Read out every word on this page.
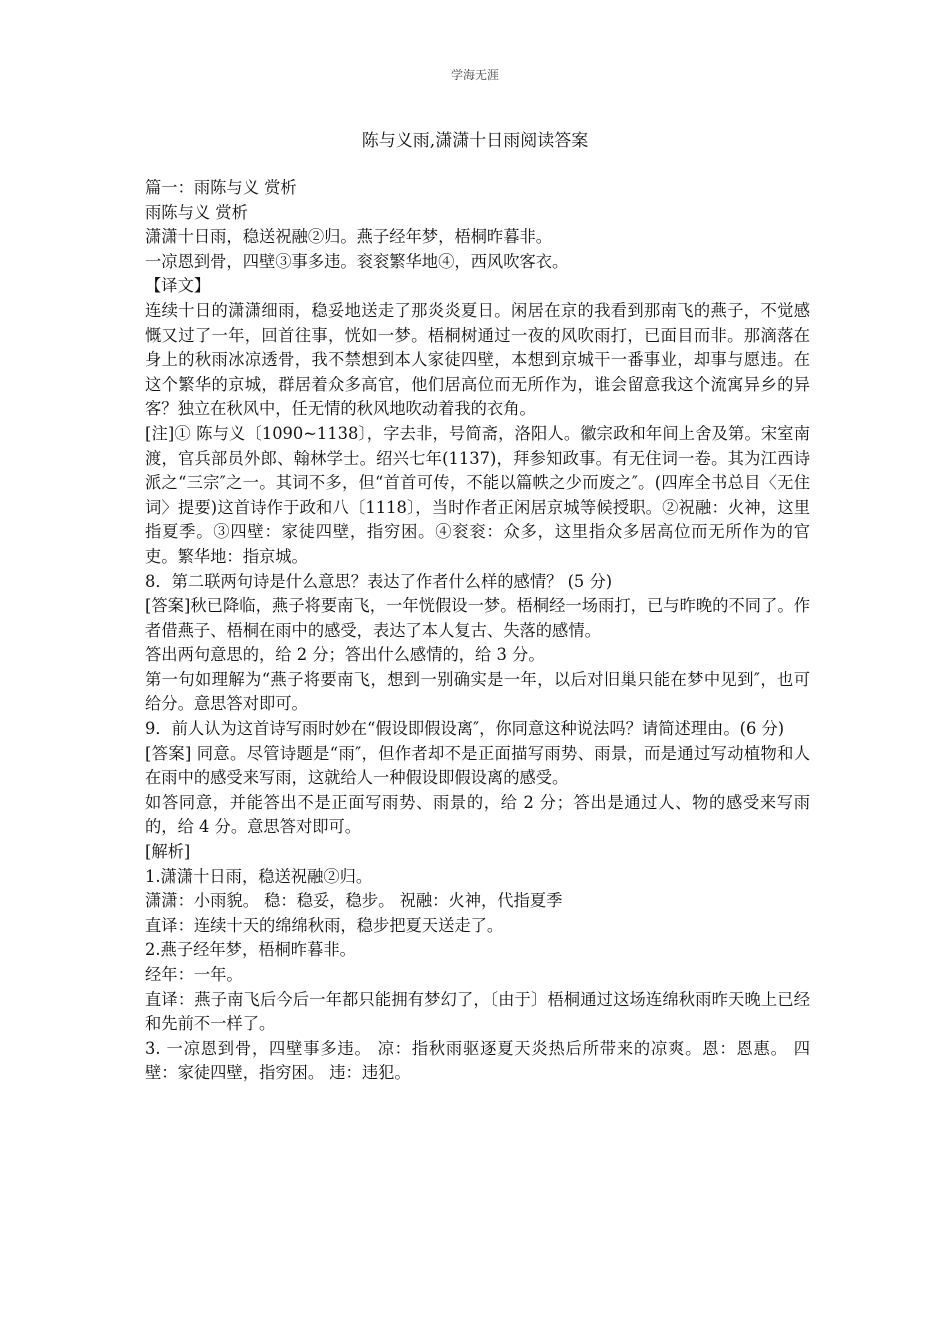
学海无涯
陈与义雨,潇潇十日雨阅读答案

篇一：雨陈与义 赏析

雨陈与义 赏析

潇潇十日雨，稳送祝融②归。燕子经年梦，梧桐昨暮非。

一凉恩到骨，四壁③事多违。衮衮繁华地④，西风吹客衣。

【译文】

连续十日的潇潇细雨，稳妥地送走了那炎炎夏日。闲居在京的我看到那南飞的燕子，不觉感慨又过了一年，回首往事，恍如一梦。梧桐树通过一夜的风吹雨打，已面目而非。那滴落在身上的秋雨冰凉透骨，我不禁想到本人家徒四壁，本想到京城干一番事业，却事与愿违。在这个繁华的京城，群居着众多高官，他们居高位而无所作为，谁会留意我这个流寓异乡的异客？独立在秋风中，任无情的秋风地吹动着我的衣角。

[注]① 陈与义〔1090~1138〕，字去非，号简斋，洛阳人。徽宗政和年间上舍及第。宋室南渡，官兵部员外郎、翰林学士。绍兴七年(1137)，拜参知政事。有无住词一卷。其为江西诗派之“三宗″之一。其词不多，但“首首可传，不能以篇帙之少而废之″。(四库全书总目〈无住词〉提要)这首诗作于政和八〔1118〕，当时作者正闲居京城等候授职。②祝融：火神，这里指夏季。③四壁：家徒四壁，指穷困。④衮衮：众多，这里指众多居高位而无所作为的官吏。繁华地：指京城。

8．第二联两句诗是什么意思？表达了作者什么样的感情？ (5 分)

[答案]秋已降临，燕子将要南飞，一年恍假设一梦。梧桐经一场雨打，已与昨晚的不同了。作者借燕子、梧桐在雨中的感受，表达了本人复古、失落的感情。

答出两句意思的，给 2 分；答出什么感情的，给 3 分。

第一句如理解为“燕子将要南飞，想到一别确实是一年，以后对旧巢只能在梦中见到″，也可给分。意思答对即可。

9．前人认为这首诗写雨时妙在“假设即假设离″，你同意这种说法吗？请简述理由。(6 分)

[答案] 同意。尽管诗题是“雨″，但作者却不是正面描写雨势、雨景，而是通过写动植物和人在雨中的感受来写雨，这就给人一种假设即假设离的感受。

如答同意，并能答出不是正面写雨势、雨景的，给 2 分；答出是通过人、物的感受来写雨的，给 4 分。意思答对即可。

[解析]

1.潇潇十日雨，稳送祝融②归。

潇潇：小雨貌。 稳：稳妥，稳步。 祝融：火神，代指夏季

直译：连续十天的绵绵秋雨，稳步把夏天送走了。

2.燕子经年梦，梧桐昨暮非。

经年：一年。

直译：燕子南飞后今后一年都只能拥有梦幻了，〔由于〕梧桐通过这场连绵秋雨昨天晚上已经和先前不一样了。

3. 一凉恩到骨，四壁事多违。 凉：指秋雨驱逐夏天炎热后所带来的凉爽。恩：恩惠。 四壁：家徒四壁，指穷困。 违：违犯。
